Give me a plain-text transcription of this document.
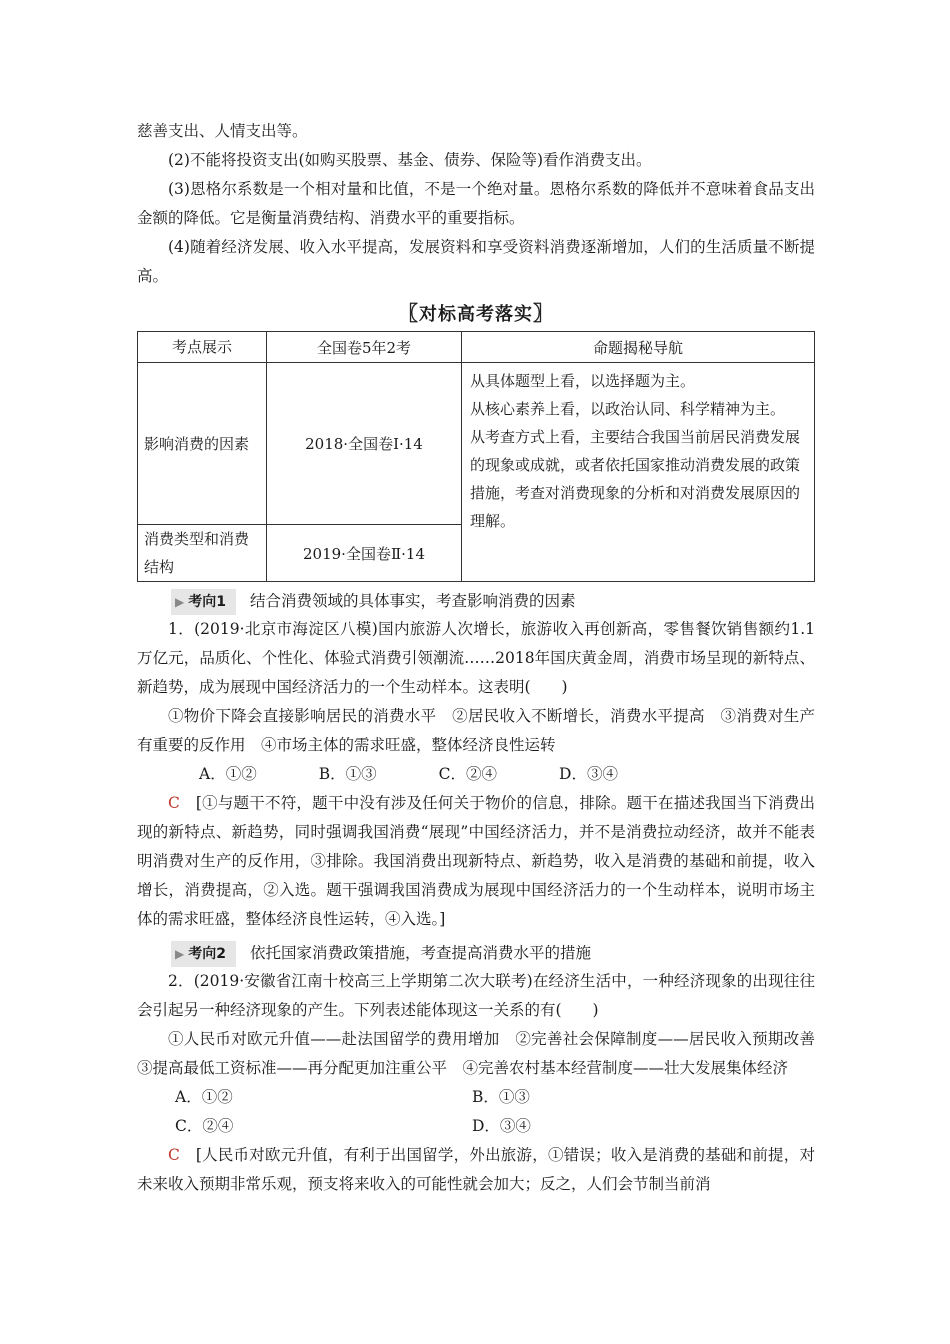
慈善支出、人情支出等。

(2)不能将投资支出(如购买股票、基金、债券、保险等)看作消费支出。

(3)恩格尔系数是一个相对量和比值，不是一个绝对量。恩格尔系数的降低并不意味着食品支出金额的降低。它是衡量消费结构、消费水平的重要指标。

(4)随着经济发展、收入水平提高，发展资料和享受资料消费逐渐增加，人们的生活质量不断提高。

〖对标高考落实〗
考点展示	全国卷5年2考	命题揭秘导航
影响消费的因素	2018·全国卷Ⅰ·14	从具体题型上看，以选择题为主。
从核心素养上看，以政治认同、科学精神为主。
从考查方式上看，主要结合我国当前居民消费发展的现象或成就，或者依托国家推动消费发展的政策措施，考查对消费现象的分析和对消费发展原因的理解。

消费类型和消费结构	2019·全国卷Ⅱ·14	
▶ 考向1 结合消费领域的具体事实，考查影响消费的因素

1．(2019·北京市海淀区八模)国内旅游人次增长，旅游收入再创新高，零售餐饮销售额约1.1万亿元，品质化、个性化、体验式消费引领潮流……2018年国庆黄金周，消费市场呈现的新特点、新趋势，成为展现中国经济活力的一个生动样本。这表明(　　)

①物价下降会直接影响居民的消费水平　②居民收入不断增长，消费水平提高　③消费对生产有重要的反作用　④市场主体的需求旺盛，整体经济良性运转

A．①②　　	B．①③　　	C．②④　　	D．③④

C　 [①与题干不符，题干中没有涉及任何关于物价的信息，排除。题干在描述我国当下消费出现的新特点、新趋势，同时强调我国消费“展现”中国经济活力，并不是消费拉动经济，故并不能表明消费对生产的反作用，③排除。我国消费出现新特点、新趋势，收入是消费的基础和前提，收入增长，消费提高，②入选。题干强调我国消费成为展现中国经济活力的一个生动样本，说明市场主体的需求旺盛，整体经济良性运转，④入选。]

▶ 考向2 依托国家消费政策措施，考查提高消费水平的措施

2．(2019·安徽省江南十校高三上学期第二次大联考)在经济生活中，一种经济现象的出现往往会引起另一种经济现象的产生。下列表述能体现这一关系的有(　　)

①人民币对欧元升值——赴法国留学的费用增加　②完善社会保障制度——居民收入预期改善　③提高最低工资标准——再分配更加注重公平　④完善农村基本经营制度——壮大发展集体经济

A．①②	B．①③
C．②④	D．③④

C　 [人民币对欧元升值，有利于出国留学，外出旅游，①错误；收入是消费的基础和前提，对未来收入预期非常乐观，预支将来收入的可能性就会加大；反之，人们会节制当前消
